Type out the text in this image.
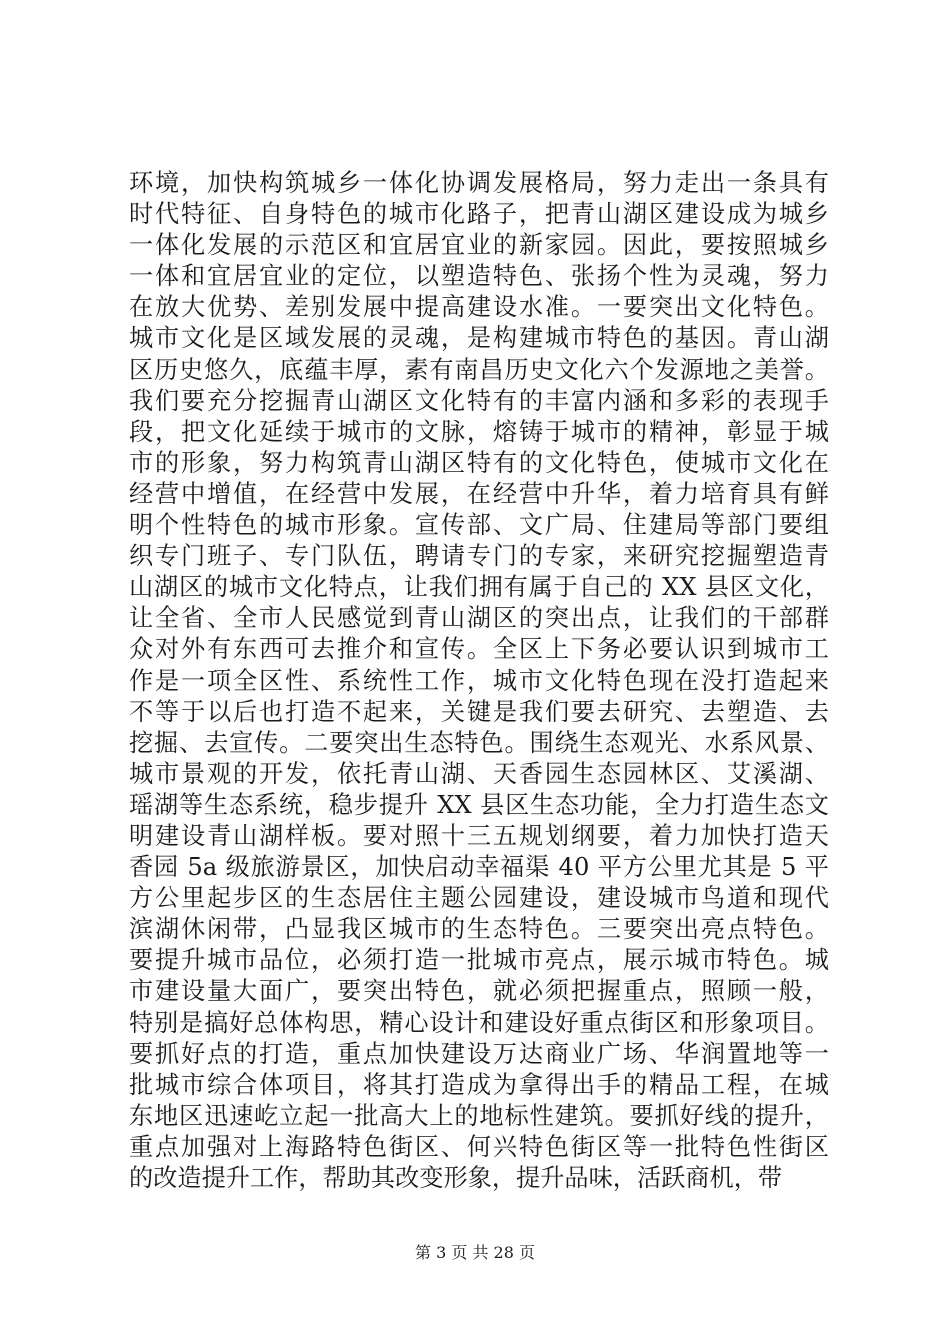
环境，加快构筑城乡一体化协调发展格局，努力走出一条具有
时代特征、自身特色的城市化路子，把青山湖区建设成为城乡
一体化发展的示范区和宜居宜业的新家园。因此，要按照城乡
一体和宜居宜业的定位，以塑造特色、张扬个性为灵魂，努力
在放大优势、差别发展中提高建设水准。一要突出文化特色。
城市文化是区域发展的灵魂，是构建城市特色的基因。青山湖
区历史悠久，底蕴丰厚，素有南昌历史文化六个发源地之美誉。
我们要充分挖掘青山湖区文化特有的丰富内涵和多彩的表现手
段，把文化延续于城市的文脉，熔铸于城市的精神，彰显于城
市的形象，努力构筑青山湖区特有的文化特色，使城市文化在
经营中增值，在经营中发展，在经营中升华，着力培育具有鲜
明个性特色的城市形象。宣传部、文广局、住建局等部门要组
织专门班子、专门队伍，聘请专门的专家，来研究挖掘塑造青
山湖区的城市文化特点，让我们拥有属于自己的 XX 县区文化，
让全省、全市人民感觉到青山湖区的突出点，让我们的干部群
众对外有东西可去推介和宣传。全区上下务必要认识到城市工
作是一项全区性、系统性工作，城市文化特色现在没打造起来
不等于以后也打造不起来，关键是我们要去研究、去塑造、去
挖掘、去宣传。二要突出生态特色。围绕生态观光、水系风景、
城市景观的开发，依托青山湖、天香园生态园林区、艾溪湖、
瑶湖等生态系统，稳步提升 XX 县区生态功能，全力打造生态文
明建设青山湖样板。要对照十三五规划纲要，着力加快打造天
香园 5a 级旅游景区，加快启动幸福渠 40 平方公里尤其是 5 平
方公里起步区的生态居住主题公园建设，建设城市鸟道和现代
滨湖休闲带，凸显我区城市的生态特色。三要突出亮点特色。
要提升城市品位，必须打造一批城市亮点，展示城市特色。城
市建设量大面广，要突出特色，就必须把握重点，照顾一般，
特别是搞好总体构思，精心设计和建设好重点街区和形象项目。
要抓好点的打造，重点加快建设万达商业广场、华润置地等一
批城市综合体项目，将其打造成为拿得出手的精品工程，在城
东地区迅速屹立起一批高大上的地标性建筑。要抓好线的提升，
重点加强对上海路特色街区、何兴特色街区等一批特色性街区
的改造提升工作，帮助其改变形象，提升品味，活跃商机，带
第 3 页 共 28 页
